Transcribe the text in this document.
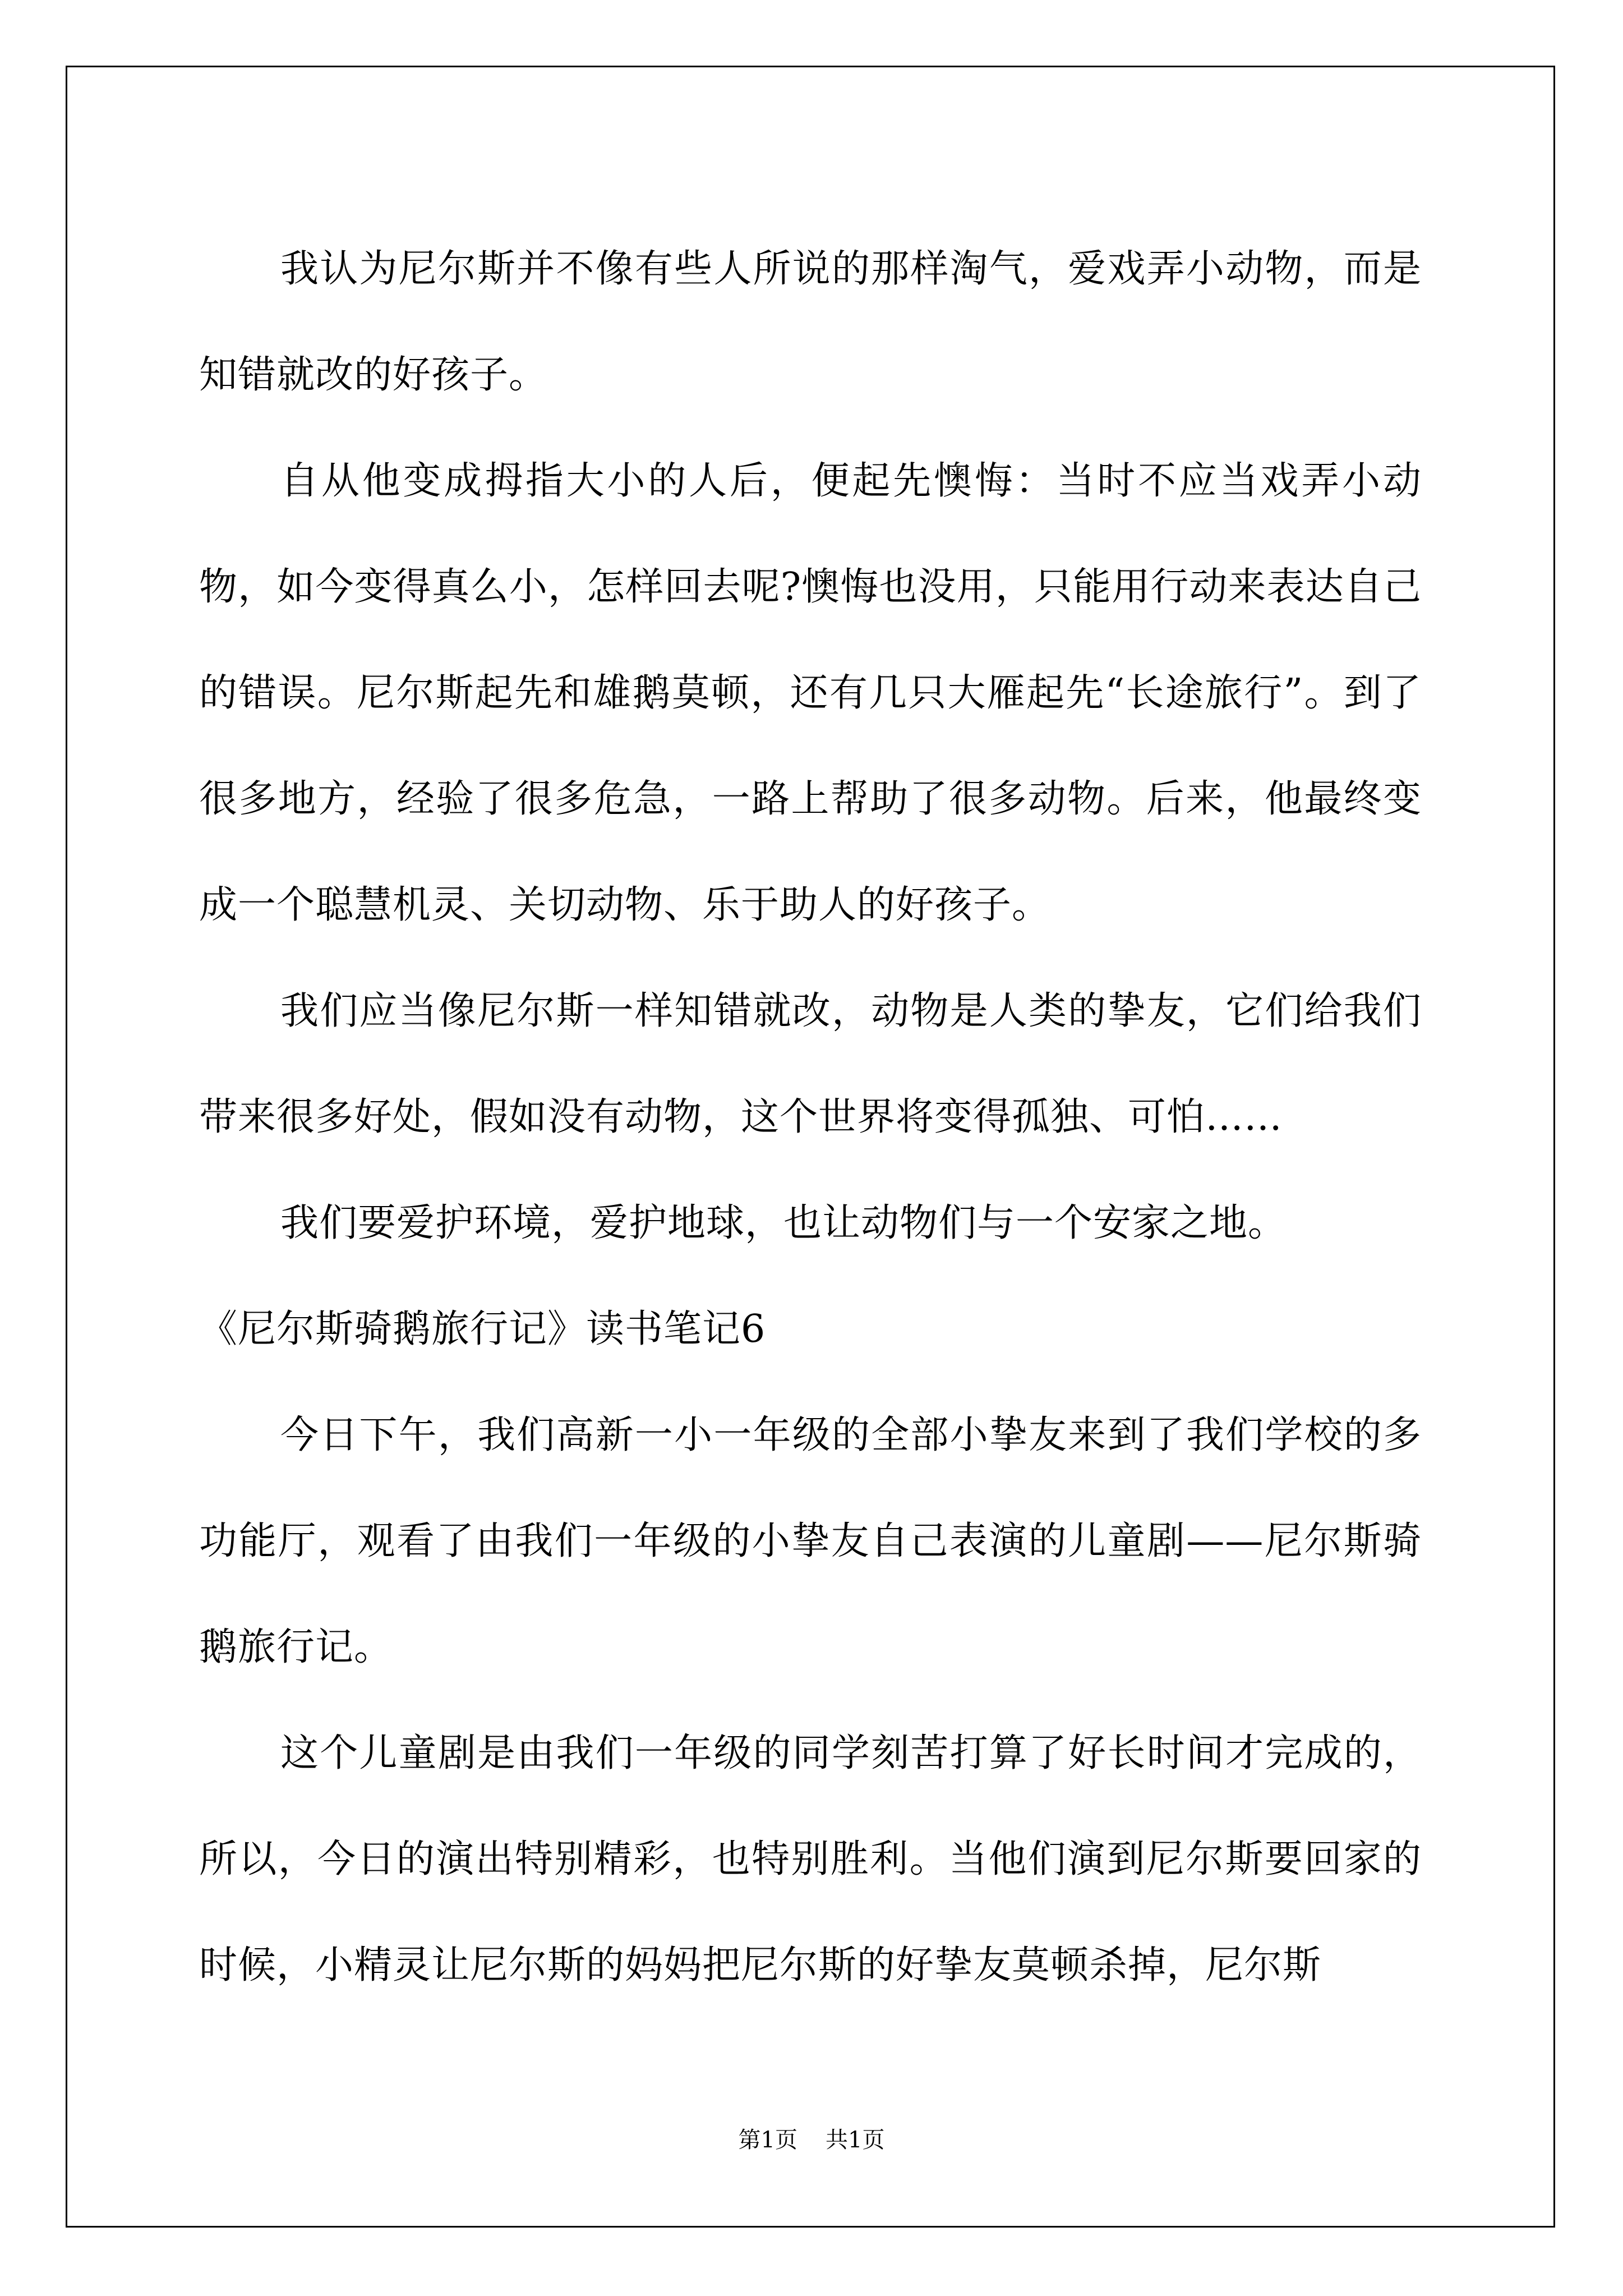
我认为尼尔斯并不像有些人所说的那样淘气，爱戏弄小动物，而是知错就改的好孩子。

自从他变成拇指大小的人后，便起先懊悔：当时不应当戏弄小动物，如今变得真么小，怎样回去呢?懊悔也没用，只能用行动来表达自己的错误。尼尔斯起先和雄鹅莫顿，还有几只大雁起先“长途旅行”。到了很多地方，经验了很多危急，一路上帮助了很多动物。后来，他最终变成一个聪慧机灵、关切动物、乐于助人的好孩子。

我们应当像尼尔斯一样知错就改，动物是人类的挚友，它们给我们带来很多好处，假如没有动物，这个世界将变得孤独、可怕……

我们要爱护环境，爱护地球，也让动物们与一个安家之地。

《尼尔斯骑鹅旅行记》读书笔记6

今日下午，我们高新一小一年级的全部小挚友来到了我们学校的多功能厅，观看了由我们一年级的小挚友自己表演的儿童剧——尼尔斯骑鹅旅行记。

这个儿童剧是由我们一年级的同学刻苦打算了好长时间才完成的，所以，今日的演出特别精彩，也特别胜利。当他们演到尼尔斯要回家的时候，小精灵让尼尔斯的妈妈把尼尔斯的好挚友莫顿杀掉，尼尔斯

第1页 共1页
